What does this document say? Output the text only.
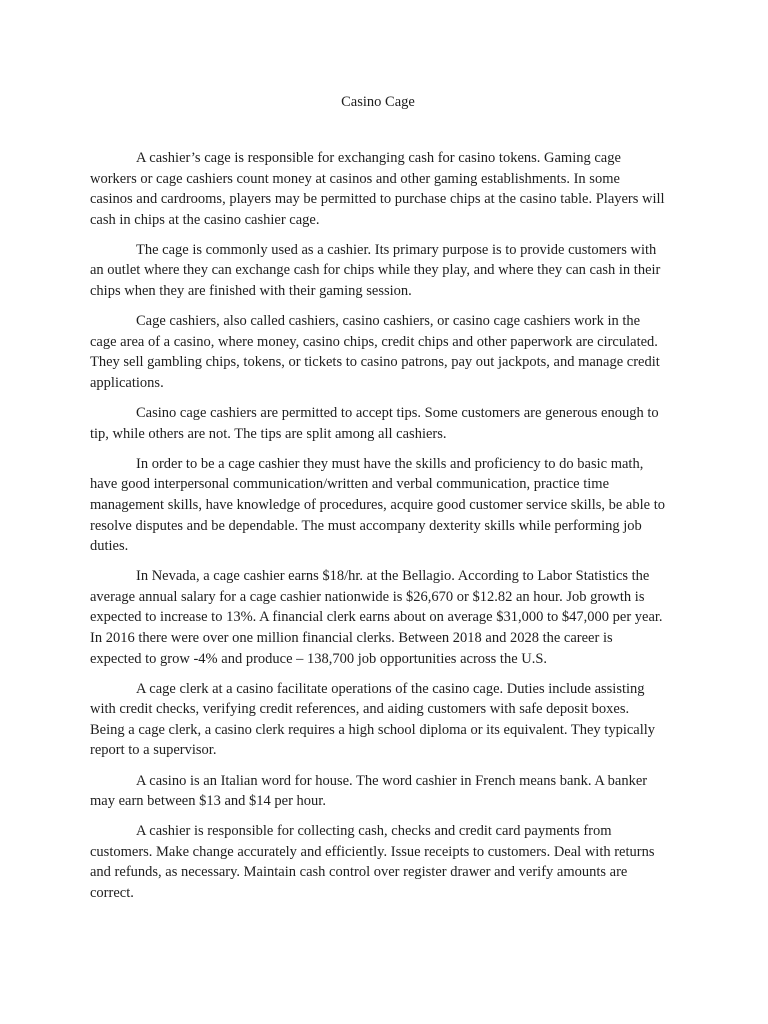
Casino Cage

A cashier’s cage is responsible for exchanging cash for casino tokens. Gaming cage workers or cage cashiers count money at casinos and other gaming establishments. In some casinos and cardrooms, players may be permitted to purchase chips at the casino table. Players will cash in chips at the casino cashier cage.

The cage is commonly used as a cashier. Its primary purpose is to provide customers with an outlet where they can exchange cash for chips while they play, and where they can cash in their chips when they are finished with their gaming session.

Cage cashiers, also called cashiers, casino cashiers, or casino cage cashiers work in the cage area of a casino, where money, casino chips, credit chips and other paperwork are circulated. They sell gambling chips, tokens, or tickets to casino patrons, pay out jackpots, and manage credit applications.

Casino cage cashiers are permitted to accept tips. Some customers are generous enough to tip, while others are not. The tips are split among all cashiers.

In order to be a cage cashier they must have the skills and proficiency to do basic math, have good interpersonal communication/written and verbal communication, practice time management skills, have knowledge of procedures, acquire good customer service skills, be able to resolve disputes and be dependable. The must accompany dexterity skills while performing job duties.

In Nevada, a cage cashier earns $18/hr. at the Bellagio. According to Labor Statistics the average annual salary for a cage cashier nationwide is $26,670 or $12.82 an hour. Job growth is expected to increase to 13%. A financial clerk earns about on average $31,000 to $47,000 per year. In 2016 there were over one million financial clerks. Between 2018 and 2028 the career is expected to grow -4% and produce – 138,700 job opportunities across the U.S.

A cage clerk at a casino facilitate operations of the casino cage. Duties include assisting with credit checks, verifying credit references, and aiding customers with safe deposit boxes. Being a cage clerk, a casino clerk requires a high school diploma or its equivalent. They typically report to a supervisor.

A casino is an Italian word for house. The word cashier in French means bank. A banker may earn between $13 and $14 per hour.

A cashier is responsible for collecting cash, checks and credit card payments from customers. Make change accurately and efficiently. Issue receipts to customers. Deal with returns and refunds, as necessary. Maintain cash control over register drawer and verify amounts are correct.
